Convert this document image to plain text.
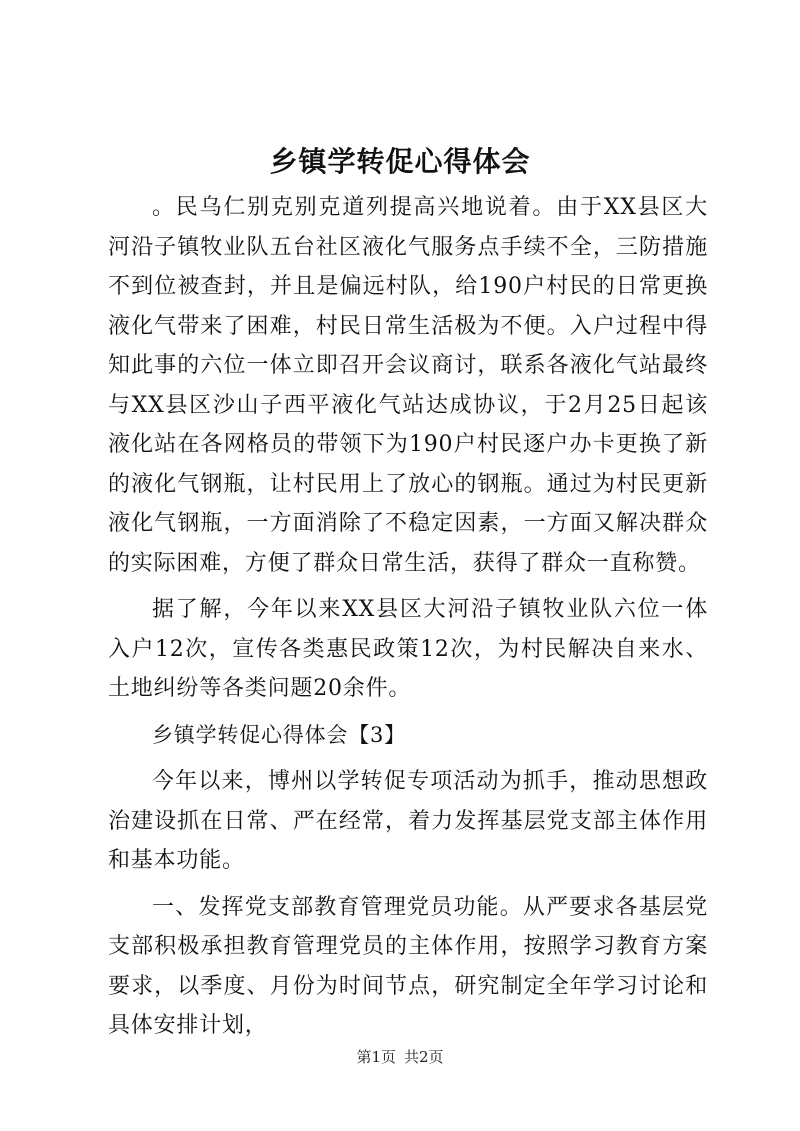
乡镇学转促心得体会

。民乌仁别克别克道列提高兴地说着。由于XX县区大河沿子镇牧业队五台社区液化气服务点手续不全，三防措施不到位被查封，并且是偏远村队，给190户村民的日常更换液化气带来了困难，村民日常生活极为不便。入户过程中得知此事的六位一体立即召开会议商讨，联系各液化气站最终与XX县区沙山子西平液化气站达成协议，于2月25日起该液化站在各网格员的带领下为190户村民逐户办卡更换了新的液化气钢瓶，让村民用上了放心的钢瓶。通过为村民更新液化气钢瓶，一方面消除了不稳定因素，一方面又解决群众的实际困难，方便了群众日常生活，获得了群众一直称赞。

据了解，今年以来XX县区大河沿子镇牧业队六位一体入户12次，宣传各类惠民政策12次，为村民解决自来水、土地纠纷等各类问题20余件。

乡镇学转促心得体会【3】

今年以来，博州以学转促专项活动为抓手，推动思想政治建设抓在日常、严在经常，着力发挥基层党支部主体作用和基本功能。

一、发挥党支部教育管理党员功能。从严要求各基层党支部积极承担教育管理党员的主体作用，按照学习教育方案要求，以季度、月份为时间节点，研究制定全年学习讨论和具体安排计划，

第1页 共2页
